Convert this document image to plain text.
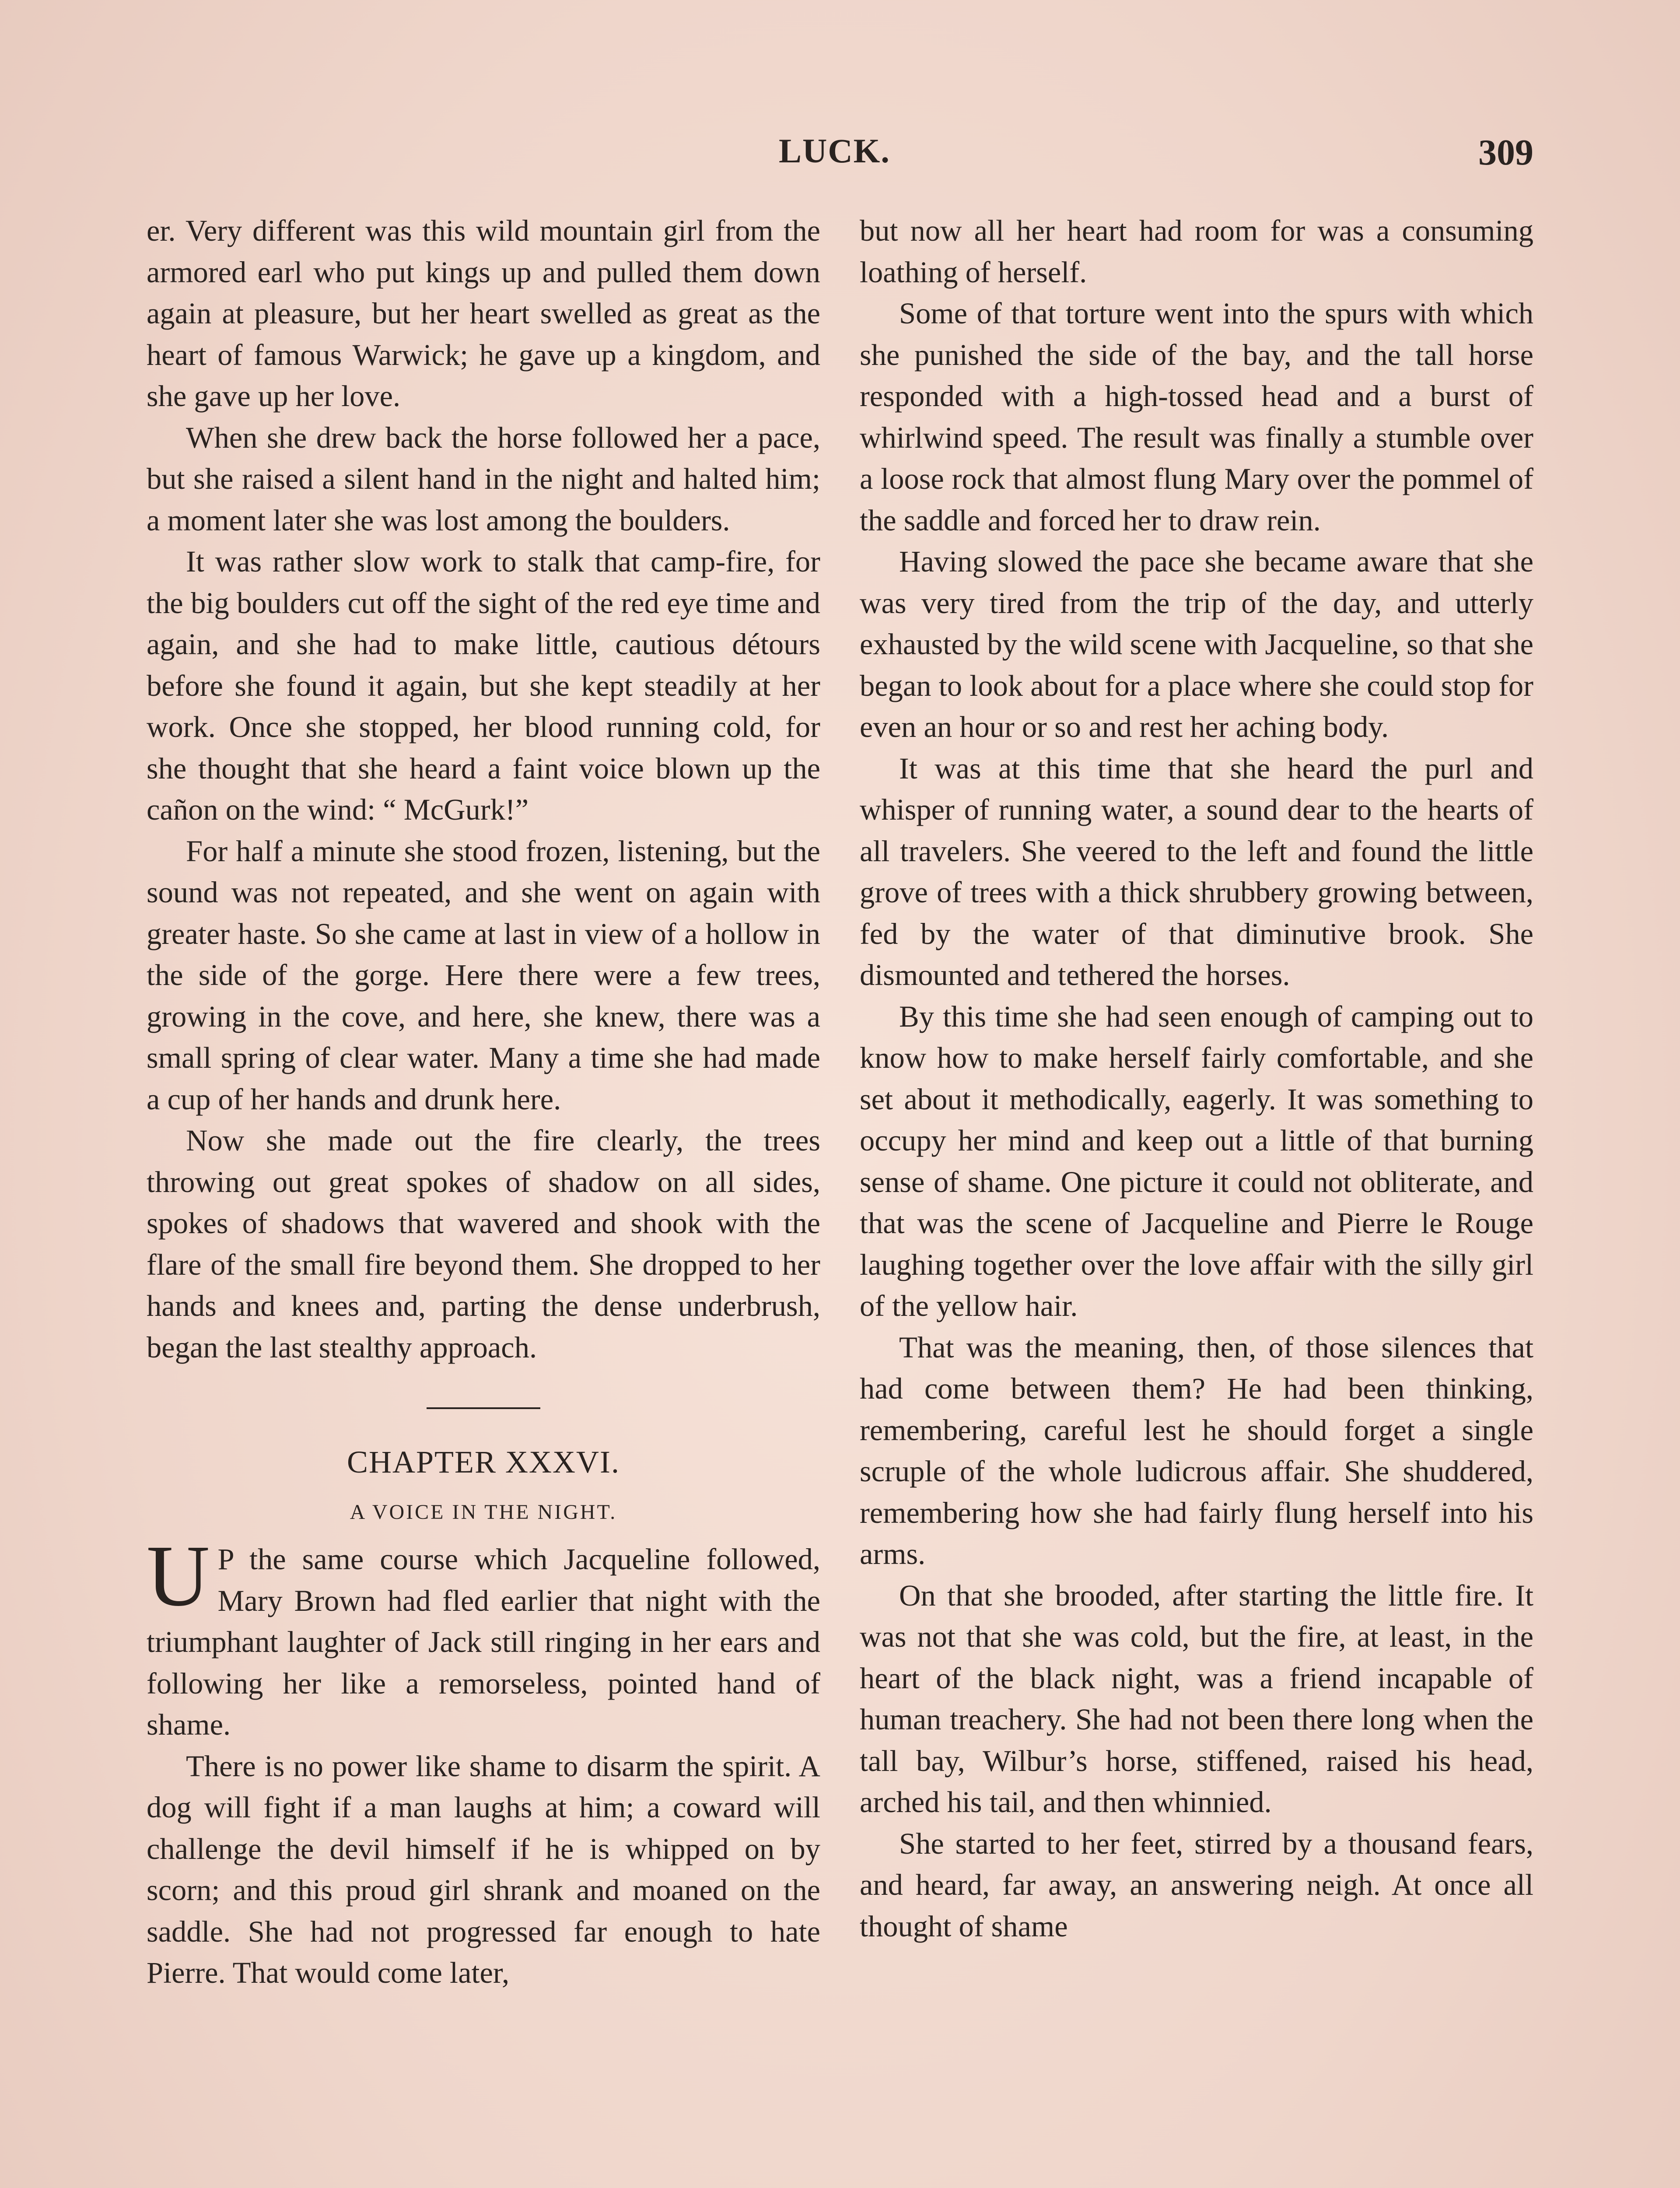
LUCK.	309

er. Very different was this wild mountain girl from the armored earl who put kings up and pulled them down again at pleasure, but her heart swelled as great as the heart of famous Warwick; he gave up a kingdom, and she gave up her love.

When she drew back the horse followed her a pace, but she raised a silent hand in the night and halted him; a moment later she was lost among the boulders.

It was rather slow work to stalk that camp-fire, for the big boulders cut off the sight of the red eye time and again, and she had to make little, cautious détours before she found it again, but she kept steadily at her work. Once she stopped, her blood running cold, for she thought that she heard a faint voice blown up the cañon on the wind: “ McGurk!”

For half a minute she stood frozen, listening, but the sound was not repeated, and she went on again with greater haste. So she came at last in view of a hollow in the side of the gorge. Here there were a few trees, growing in the cove, and here, she knew, there was a small spring of clear water. Many a time she had made a cup of her hands and drunk here.

Now she made out the fire clearly, the trees throwing out great spokes of shadow on all sides, spokes of shadows that wavered and shook with the flare of the small fire beyond them. She dropped to her hands and knees and, parting the dense underbrush, began the last stealthy approach.

CHAPTER XXXVI.
A VOICE IN THE NIGHT.

U P the same course which Jacqueline followed, Mary Brown had fled earlier that night with the triumphant laughter of Jack still ringing in her ears and following her like a remorseless, pointed hand of shame.

There is no power like shame to disarm the spirit. A dog will fight if a man laughs at him; a coward will challenge the devil himself if he is whipped on by scorn; and this proud girl shrank and moaned on the saddle. She had not progressed far enough to hate Pierre. That would come later,

but now all her heart had room for was a consuming loathing of herself.

Some of that torture went into the spurs with which she punished the side of the bay, and the tall horse responded with a high-tossed head and a burst of whirlwind speed. The result was finally a stumble over a loose rock that almost flung Mary over the pommel of the saddle and forced her to draw rein.

Having slowed the pace she became aware that she was very tired from the trip of the day, and utterly exhausted by the wild scene with Jacqueline, so that she began to look about for a place where she could stop for even an hour or so and rest her aching body.

It was at this time that she heard the purl and whisper of running water, a sound dear to the hearts of all travelers. She veered to the left and found the little grove of trees with a thick shrubbery growing between, fed by the water of that diminutive brook. She dismounted and tethered the horses.

By this time she had seen enough of camping out to know how to make herself fairly comfortable, and she set about it methodically, eagerly. It was something to occupy her mind and keep out a little of that burning sense of shame. One picture it could not obliterate, and that was the scene of Jacqueline and Pierre le Rouge laughing together over the love affair with the silly girl of the yellow hair.

That was the meaning, then, of those silences that had come between them? He had been thinking, remembering, careful lest he should forget a single scruple of the whole ludicrous affair. She shuddered, remembering how she had fairly flung herself into his arms.

On that she brooded, after starting the little fire. It was not that she was cold, but the fire, at least, in the heart of the black night, was a friend incapable of human treachery. She had not been there long when the tall bay, Wilbur’s horse, stiffened, raised his head, arched his tail, and then whinnied.

She started to her feet, stirred by a thousand fears, and heard, far away, an answering neigh. At once all thought of shame
